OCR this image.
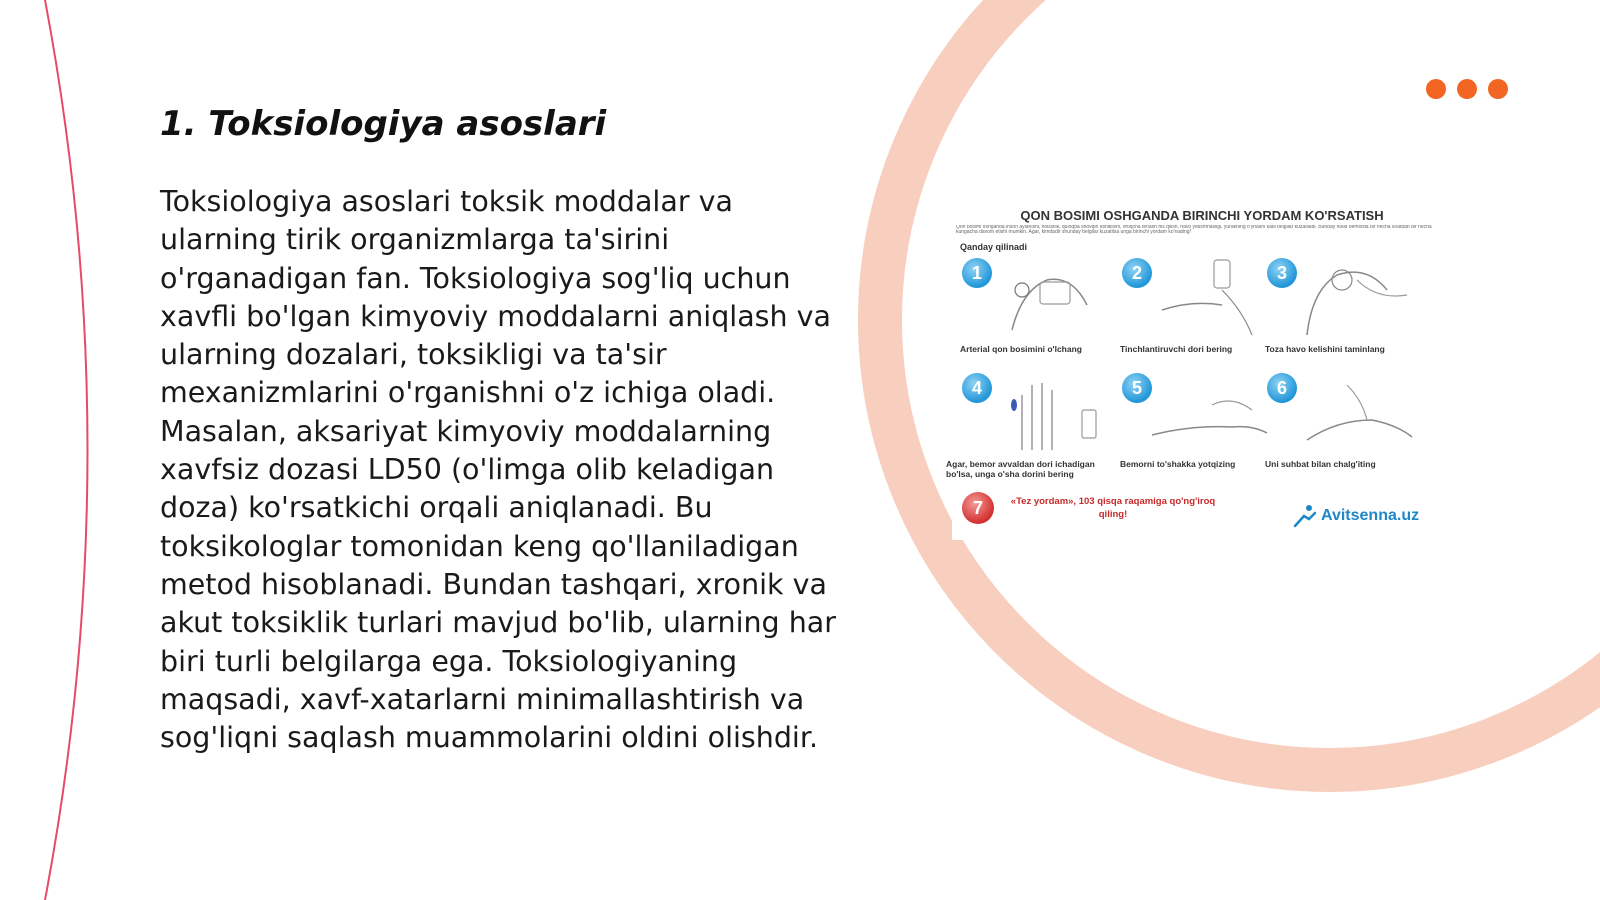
1. Toksiologiya asoslari

Toksiologiya asoslari toksik moddalar va ularning tirik organizmlarga ta'sirini o'rganadigan fan. Toksiologiya sog'liq uchun xavfli bo'lgan kimyoviy moddalarni aniqlash va ularning dozalari, toksikligi va ta'sir mexanizmlarini o'rganishni o'z ichiga oladi. Masalan, aksariyat kimyoviy moddalarning xavfsiz dozasi LD50 (o'limga olib keladigan doza) ko'rsatkichi orqali aniqlanadi. Bu toksikologlar tomonidan keng qo'llaniladigan metod hisoblanadi. Bundan tashqari, xronik va akut toksiklik turlari mavjud bo'lib, ularning har biri turli belgilarga ega. Toksiologiyaning maqsadi, xavf-xatarlarni minimallashtirish va sog'liqni saqlash muammolarini oldini olishdir.

QON BOSIMI OSHGANDA BIRINCHI YORDAM KO'RSATISH
Qon bosimi oshganda inson aylanishi, holsizlik, qulоqda shovqin eshitilishi, ortiqcha terlash his qilish, havo yetishmasligi, yurakning o'ynashi kabi belgilar kuzatiladi. Bunday holat bemorda bir necha soatdan bir necha kungacha davom etishi mumkin. Agar, kimdadir shunday belgilar kuzatilsa unga birinchi yordam ko'rsating!
Qanday qilinadi
1
Arterial qon bosimini o'lchang
2
Tinchlantiruvchi dori bering
3
Toza havo kelishini taminlang
4
Agar, bemor avvaldan dori ichadigan bo'lsa, unga o'sha dorini bering
5
Bemorni to'shakka yotqizing
6
Uni suhbat bilan chalg'iting
7	«Tez yordam», 103 qisqa raqamiga qo'ng'iroq qiling!	Avitsenna.uz
